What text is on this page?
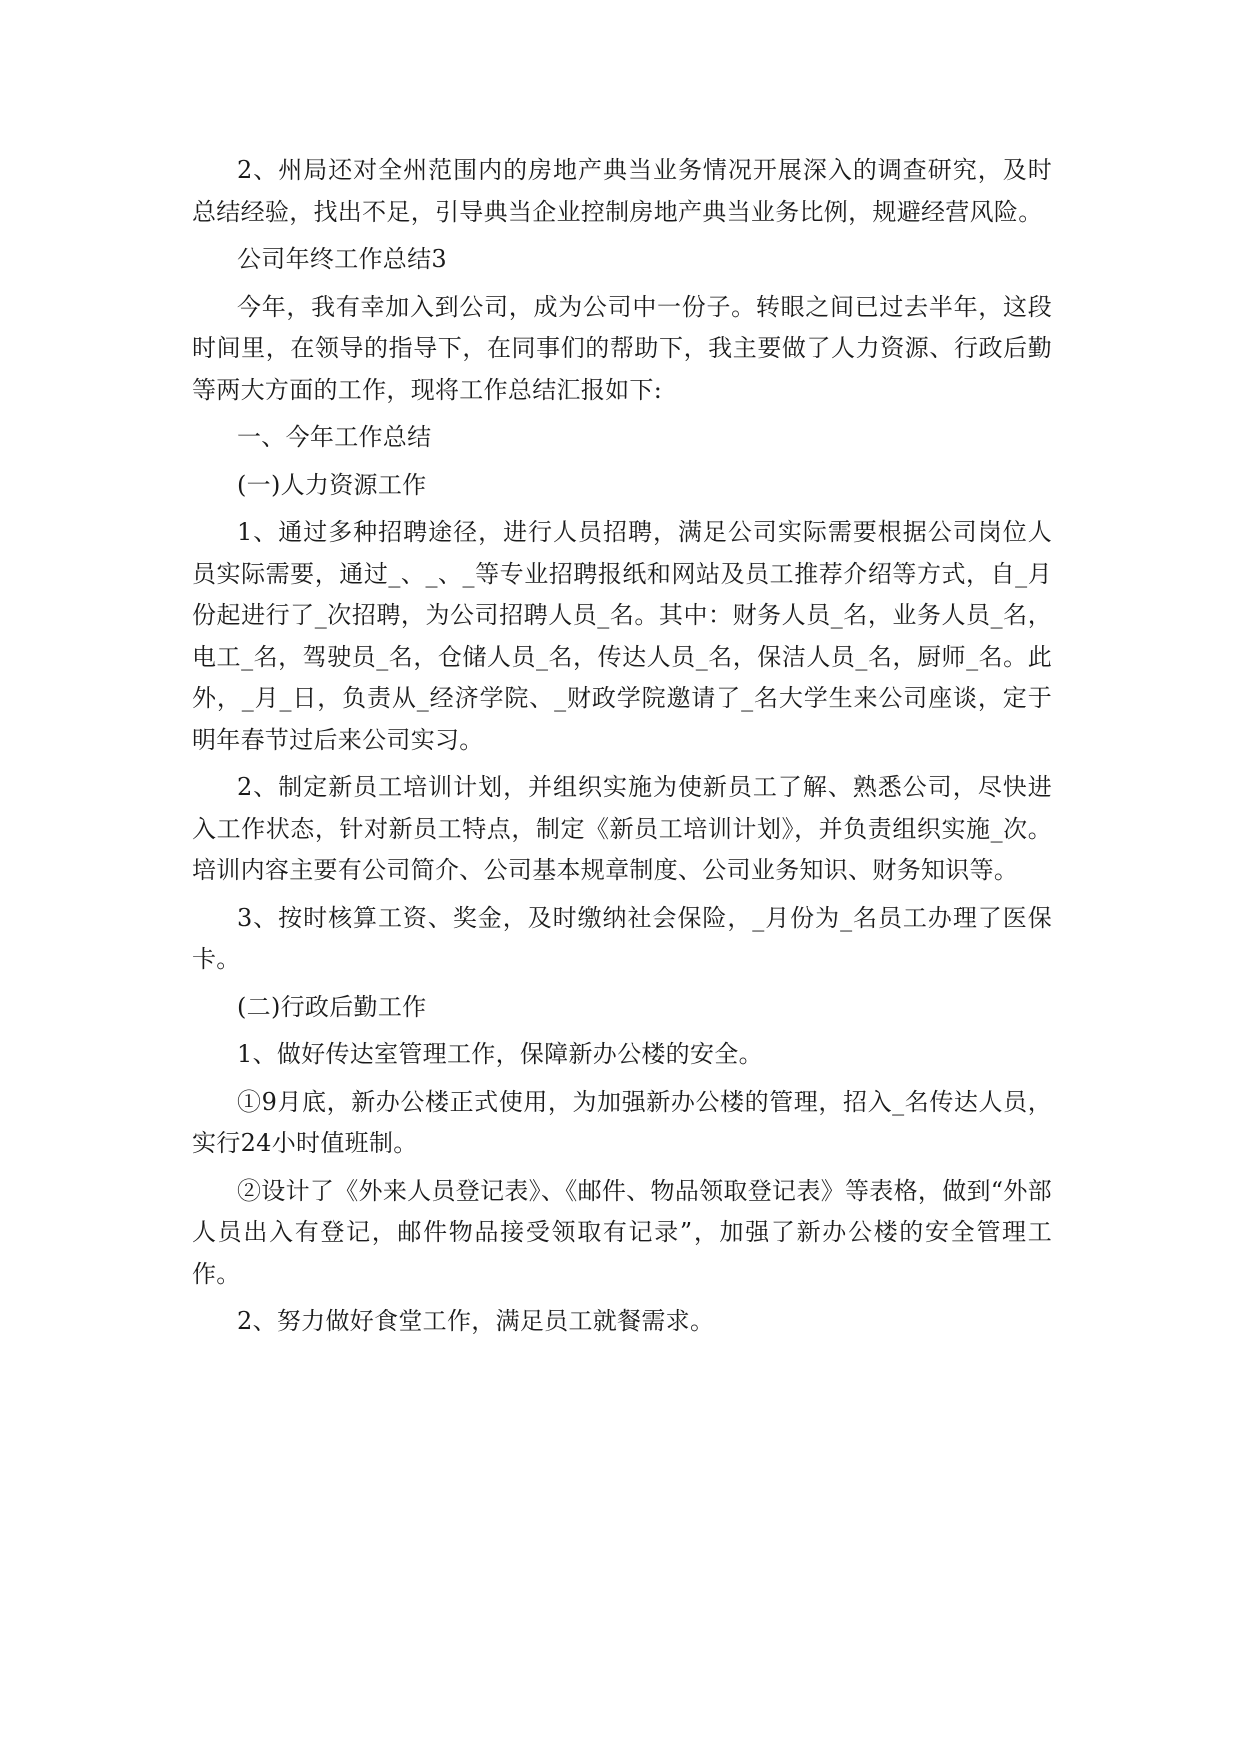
2、州局还对全州范围内的房地产典当业务情况开展深入的调查研究，及时总结经验，找出不足，引导典当企业控制房地产典当业务比例，规避经营风险。

公司年终工作总结3

今年，我有幸加入到公司，成为公司中一份子。转眼之间已过去半年，这段时间里，在领导的指导下，在同事们的帮助下，我主要做了人力资源、行政后勤等两大方面的工作，现将工作总结汇报如下:

一、今年工作总结

(一)人力资源工作

1、通过多种招聘途径，进行人员招聘，满足公司实际需要根据公司岗位人员实际需要，通过_、_、_等专业招聘报纸和网站及员工推荐介绍等方式，自_月份起进行了_次招聘，为公司招聘人员_名。其中：财务人员_名，业务人员_名，电工_名，驾驶员_名，仓储人员_名，传达人员_名，保洁人员_名，厨师_名。此外，_月_日，负责从_经济学院、_财政学院邀请了_名大学生来公司座谈，定于明年春节过后来公司实习。

2、制定新员工培训计划，并组织实施为使新员工了解、熟悉公司，尽快进入工作状态，针对新员工特点，制定《新员工培训计划》，并负责组织实施_次。培训内容主要有公司简介、公司基本规章制度、公司业务知识、财务知识等。

3、按时核算工资、奖金，及时缴纳社会保险，_月份为_名员工办理了医保卡。

(二)行政后勤工作

1、做好传达室管理工作，保障新办公楼的安全。

①9月底，新办公楼正式使用，为加强新办公楼的管理，招入_名传达人员，实行24小时值班制。

②设计了《外来人员登记表》、《邮件、物品领取登记表》等表格，做到“外部人员出入有登记，邮件物品接受领取有记录”，加强了新办公楼的安全管理工作。

2、努力做好食堂工作，满足员工就餐需求。
